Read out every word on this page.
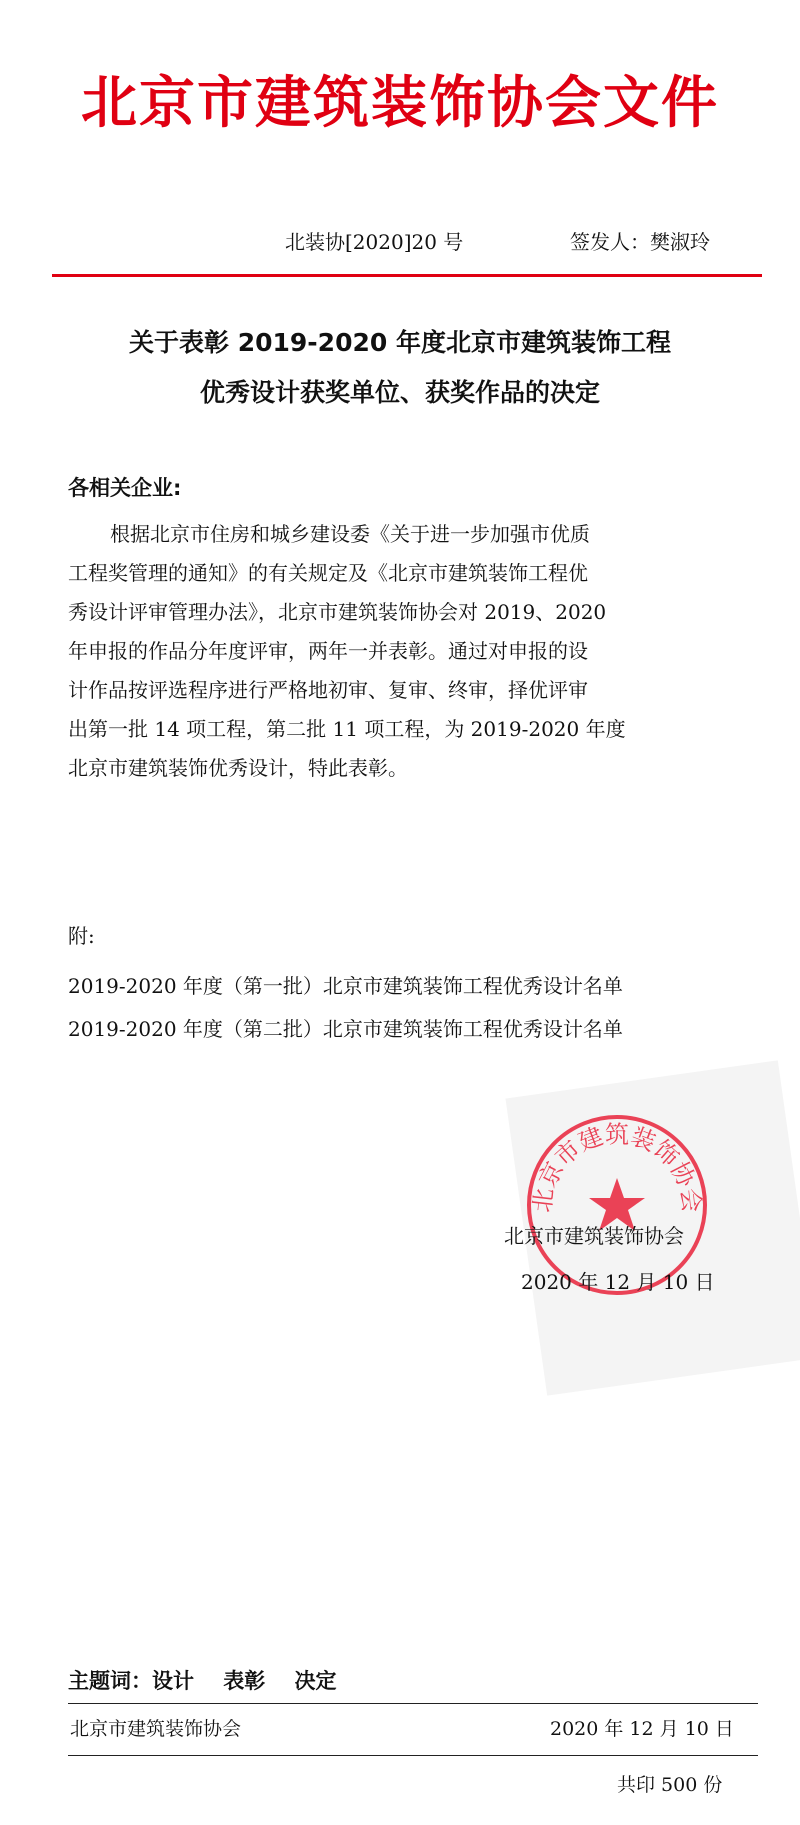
北京市建筑装饰协会文件
北装协[2020]20 号	签发人：樊淑玲
关于表彰 2019-2020 年度北京市建筑装饰工程
优秀设计获奖单位、获奖作品的决定
各相关企业:
根据北京市住房和城乡建设委《关于进一步加强市优质
工程奖管理的通知》的有关规定及《北京市建筑装饰工程优
秀设计评审管理办法》，北京市建筑装饰协会对 2019、2020
年申报的作品分年度评审，两年一并表彰。通过对申报的设
计作品按评选程序进行严格地初审、复审、终审，择优评审
出第一批 14 项工程，第二批 11 项工程，为 2019-2020 年度
北京市建筑装饰优秀设计，特此表彰。
附:
2019-2020 年度（第一批）北京市建筑装饰工程优秀设计名单
2019-2020 年度（第二批）北京市建筑装饰工程优秀设计名单
北京市建筑装饰协会
北京市建筑装饰协会
2020 年 12 月 10 日
主题词：设计    表彰    决定
北京市建筑装饰协会	2020 年 12 月 10 日
共印 500 份
